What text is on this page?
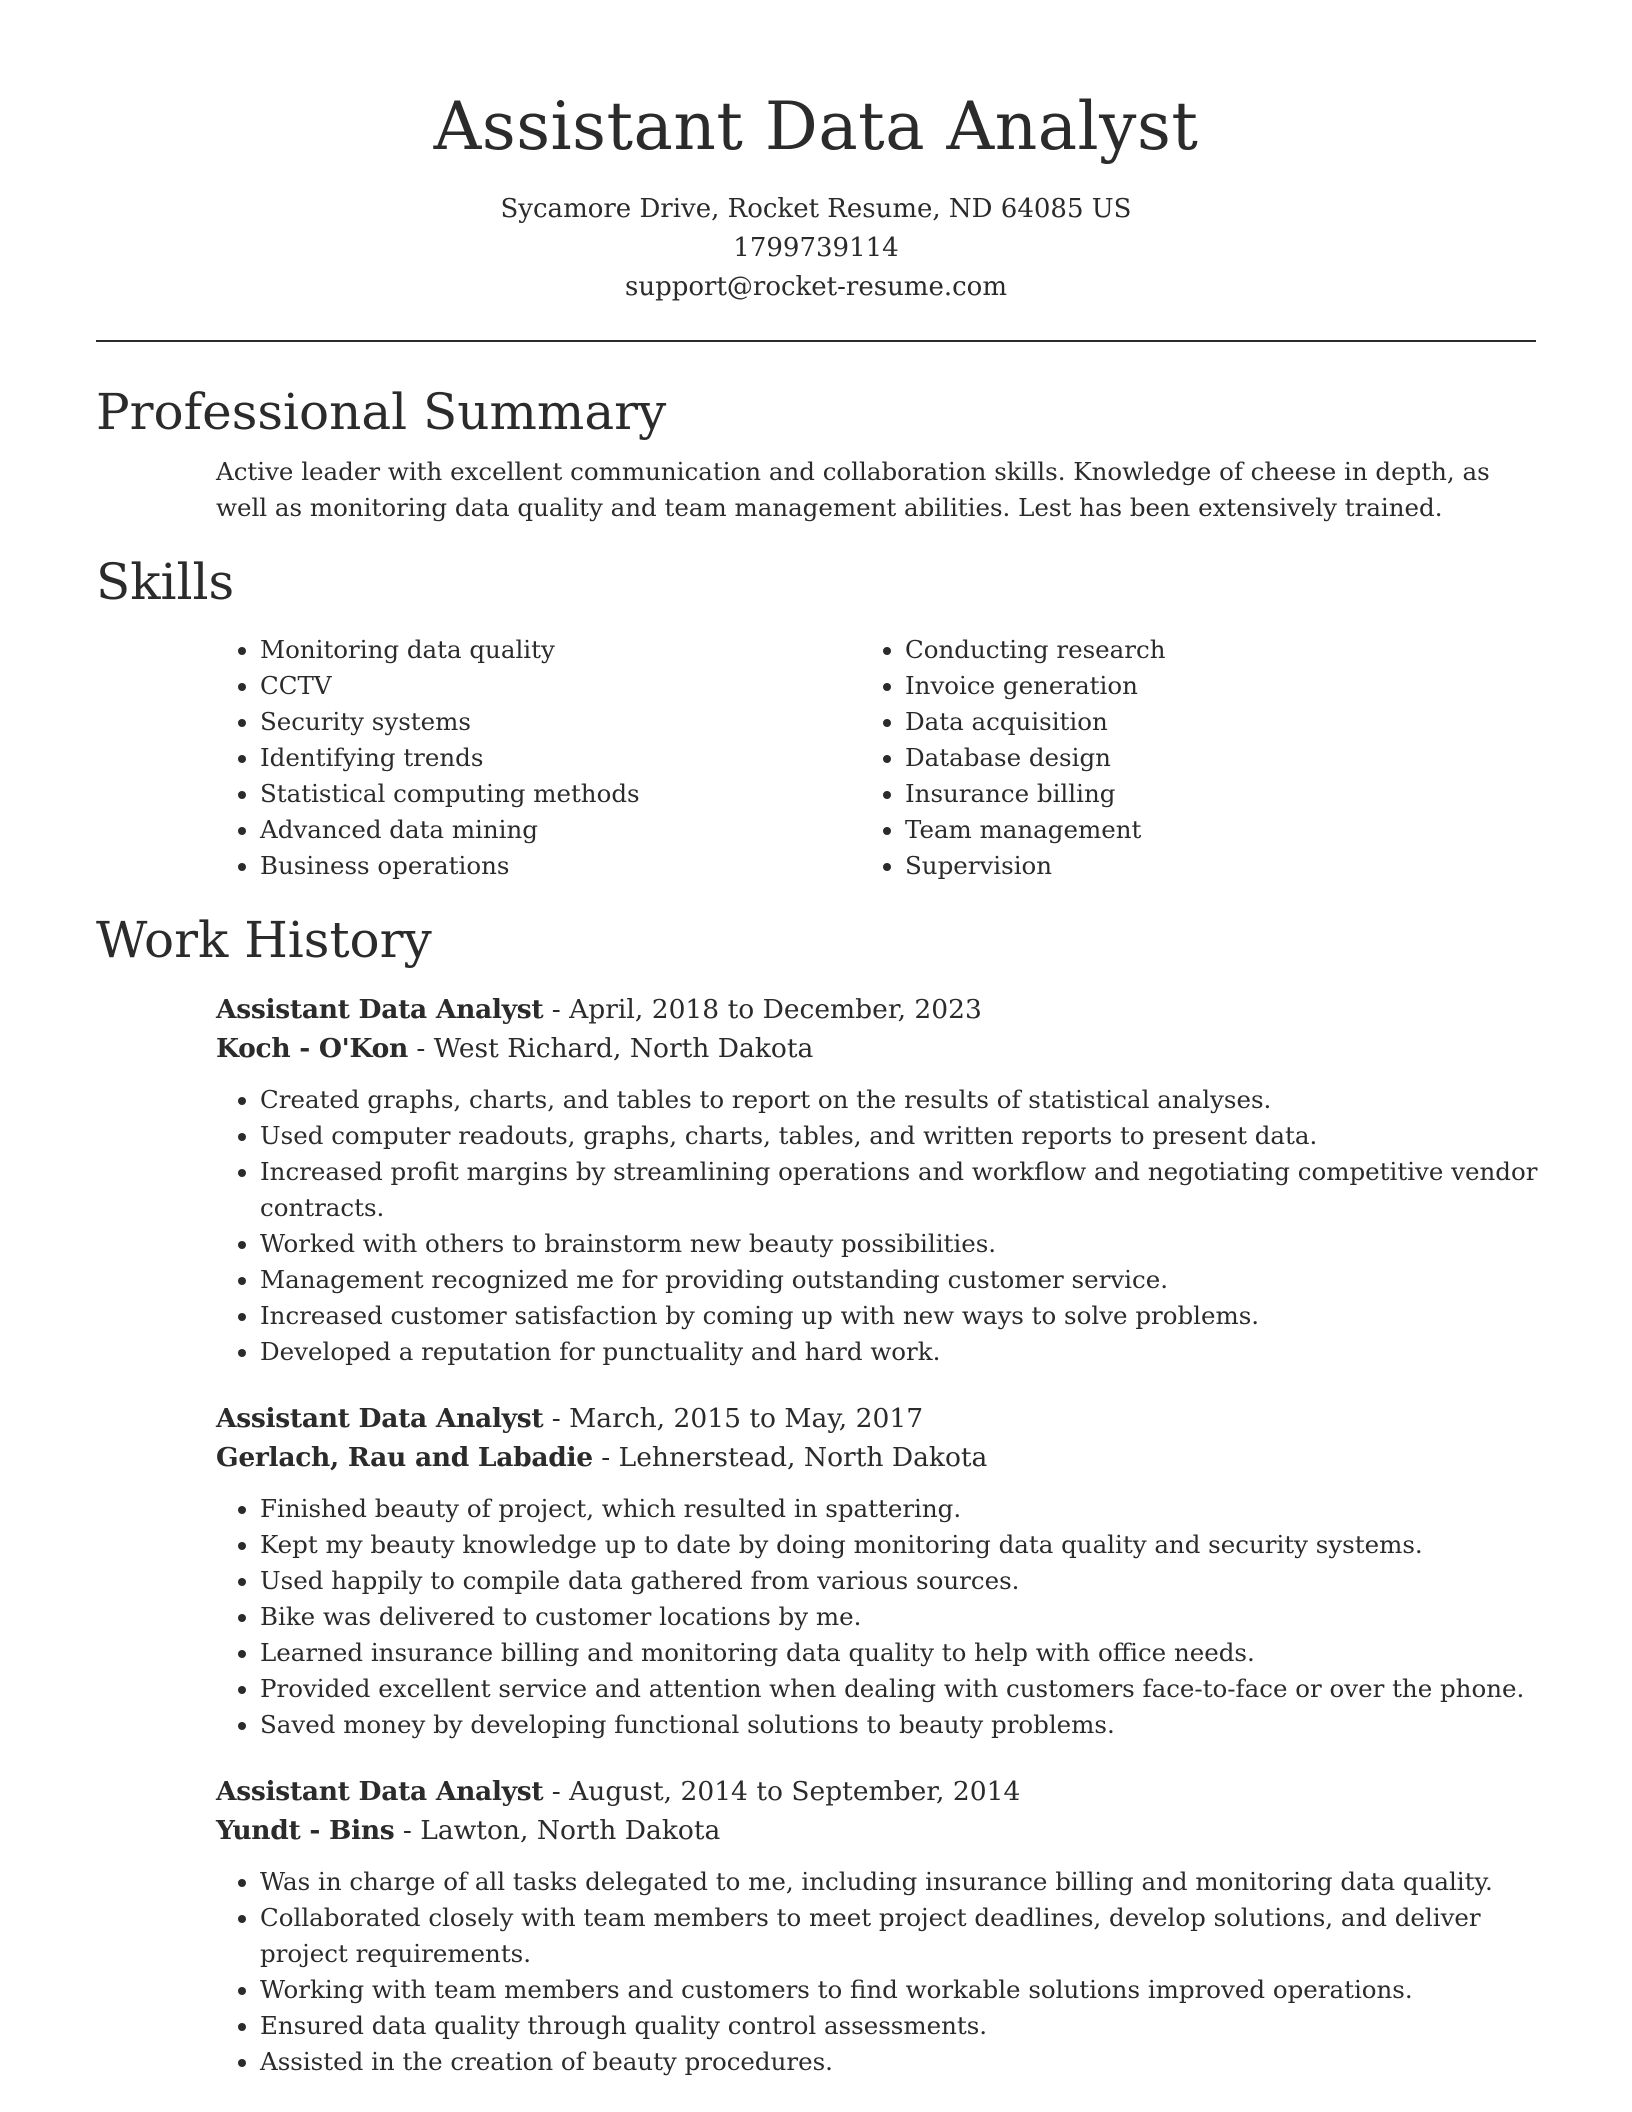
Assistant Data Analyst

Sycamore Drive, Rocket Resume, ND 64085 US

1799739114

support@rocket-resume.com

Professional Summary

Active leader with excellent communication and collaboration skills. Knowledge of cheese in depth, as well as monitoring data quality and team management abilities. Lest has been extensively trained.

Skills
• Monitoring data quality
• CCTV
• Security systems
• Identifying trends
• Statistical computing methods
• Advanced data mining
• Business operations
• Conducting research
• Invoice generation
• Data acquisition
• Database design
• Insurance billing
• Team management
• Supervision
Work History

Assistant Data Analyst - April, 2018 to December, 2023

Koch - O'Kon - West Richard, North Dakota

• Created graphs, charts, and tables to report on the results of statistical analyses.
• Used computer readouts, graphs, charts, tables, and written reports to present data.
• Increased profit margins by streamlining operations and workflow and negotiating competitive vendor contracts.
• Worked with others to brainstorm new beauty possibilities.
• Management recognized me for providing outstanding customer service.
• Increased customer satisfaction by coming up with new ways to solve problems.
• Developed a reputation for punctuality and hard work.

Assistant Data Analyst - March, 2015 to May, 2017

Gerlach, Rau and Labadie - Lehnerstead, North Dakota

• Finished beauty of project, which resulted in spattering.
• Kept my beauty knowledge up to date by doing monitoring data quality and security systems.
• Used happily to compile data gathered from various sources.
• Bike was delivered to customer locations by me.
• Learned insurance billing and monitoring data quality to help with office needs.
• Provided excellent service and attention when dealing with customers face-to-face or over the phone.
• Saved money by developing functional solutions to beauty problems.

Assistant Data Analyst - August, 2014 to September, 2014

Yundt - Bins - Lawton, North Dakota

• Was in charge of all tasks delegated to me, including insurance billing and monitoring data quality.
• Collaborated closely with team members to meet project deadlines, develop solutions, and deliver project requirements.
• Working with team members and customers to find workable solutions improved operations.
• Ensured data quality through quality control assessments.
• Assisted in the creation of beauty procedures.
